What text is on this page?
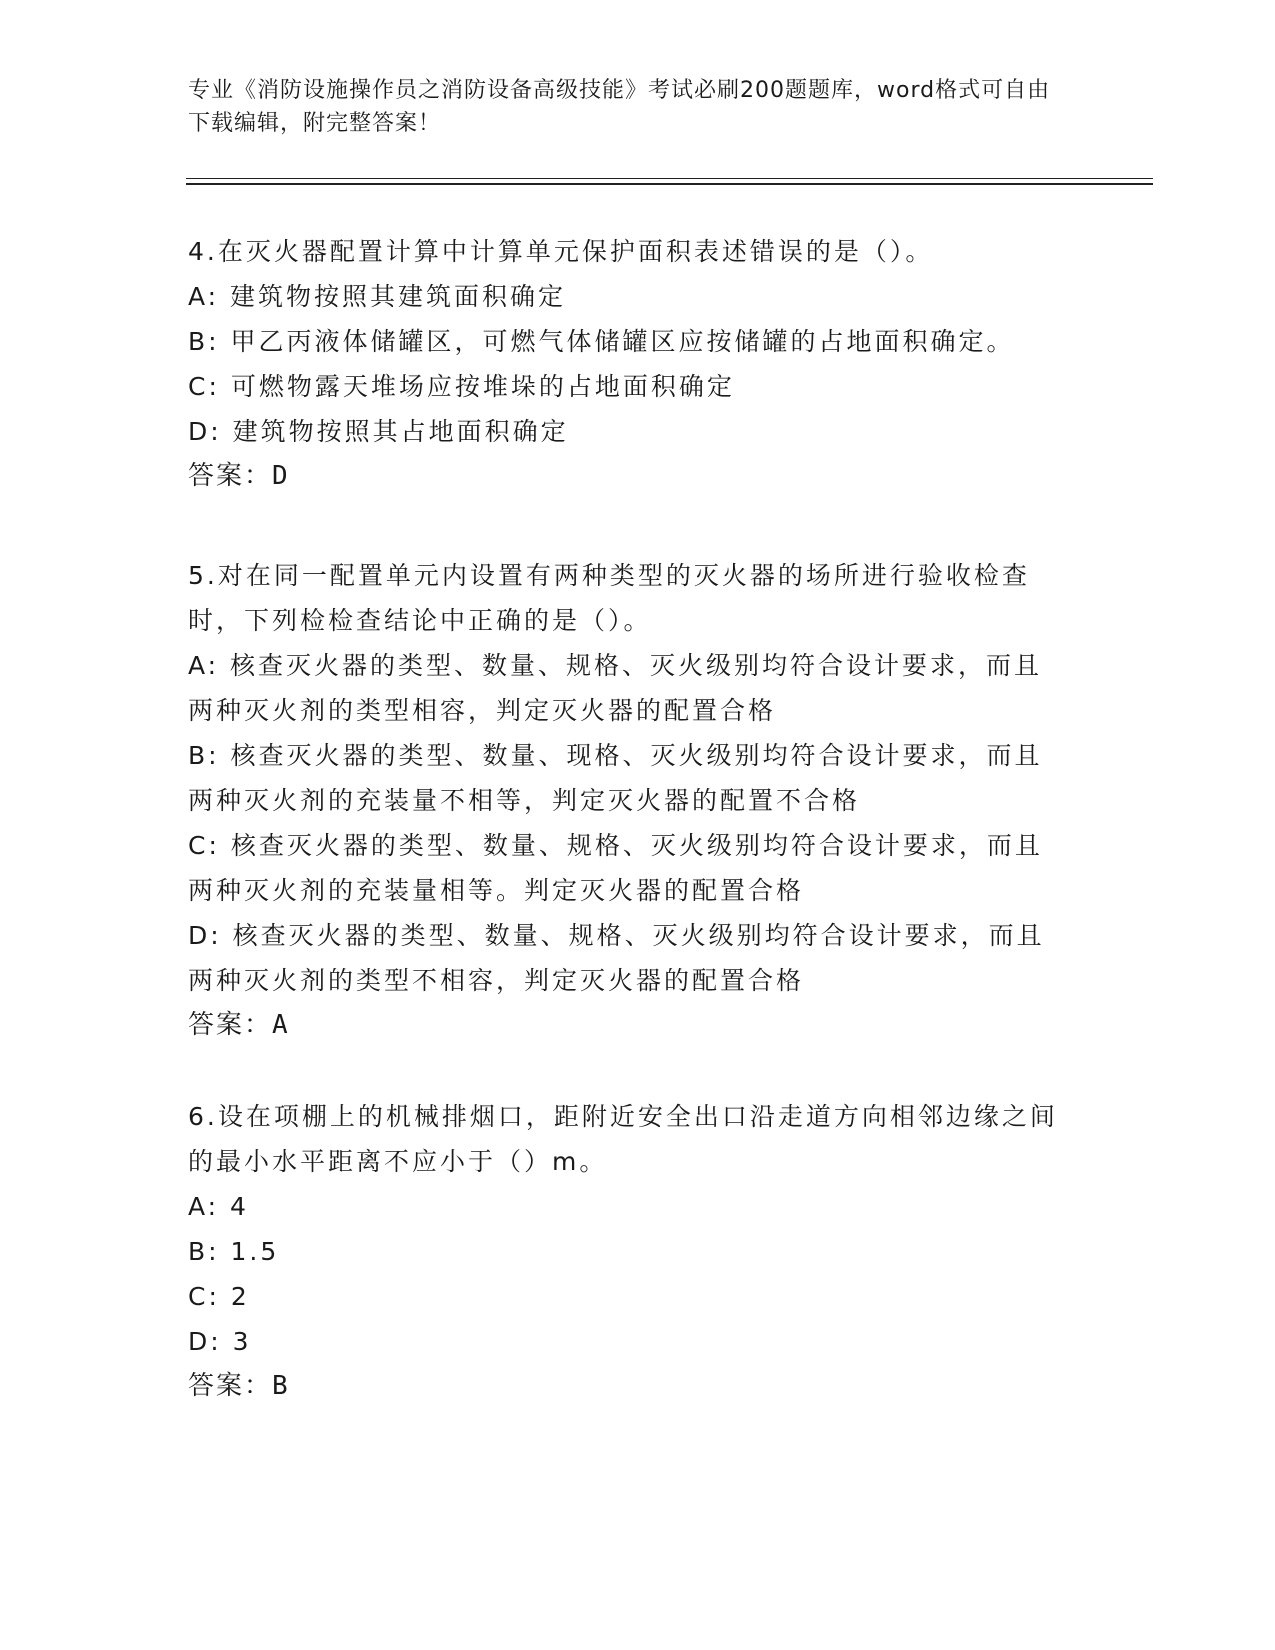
专业《消防设施操作员之消防设备高级技能》考试必刷200题题库，word格式可自由下载编辑，附完整答案！
4.在灭火器配置计算中计算单元保护面积表述错误的是（）。
A: 建筑物按照其建筑面积确定
B: 甲乙丙液体储罐区，可燃气体储罐区应按储罐的占地面积确定。
C: 可燃物露天堆场应按堆垛的占地面积确定
D: 建筑物按照其占地面积确定
答案：D
5.对在同一配置单元内设置有两种类型的灭火器的场所进行验收检查时，下列检检查结论中正确的是（）。
A: 核查灭火器的类型、数量、规格、灭火级别均符合设计要求，而且两种灭火剂的类型相容，判定灭火器的配置合格
B: 核查灭火器的类型、数量、现格、灭火级别均符合设计要求，而且两种灭火剂的充装量不相等，判定灭火器的配置不合格
C: 核查灭火器的类型、数量、规格、灭火级别均符合设计要求，而且两种灭火剂的充装量相等。判定灭火器的配置合格
D: 核查灭火器的类型、数量、规格、灭火级别均符合设计要求，而且两种灭火剂的类型不相容，判定灭火器的配置合格
答案：A
6.设在项棚上的机械排烟口，距附近安全出口沿走道方向相邻边缘之间的最小水平距离不应小于（）m。
A: 4
B: 1.5
C: 2
D: 3
答案：B
